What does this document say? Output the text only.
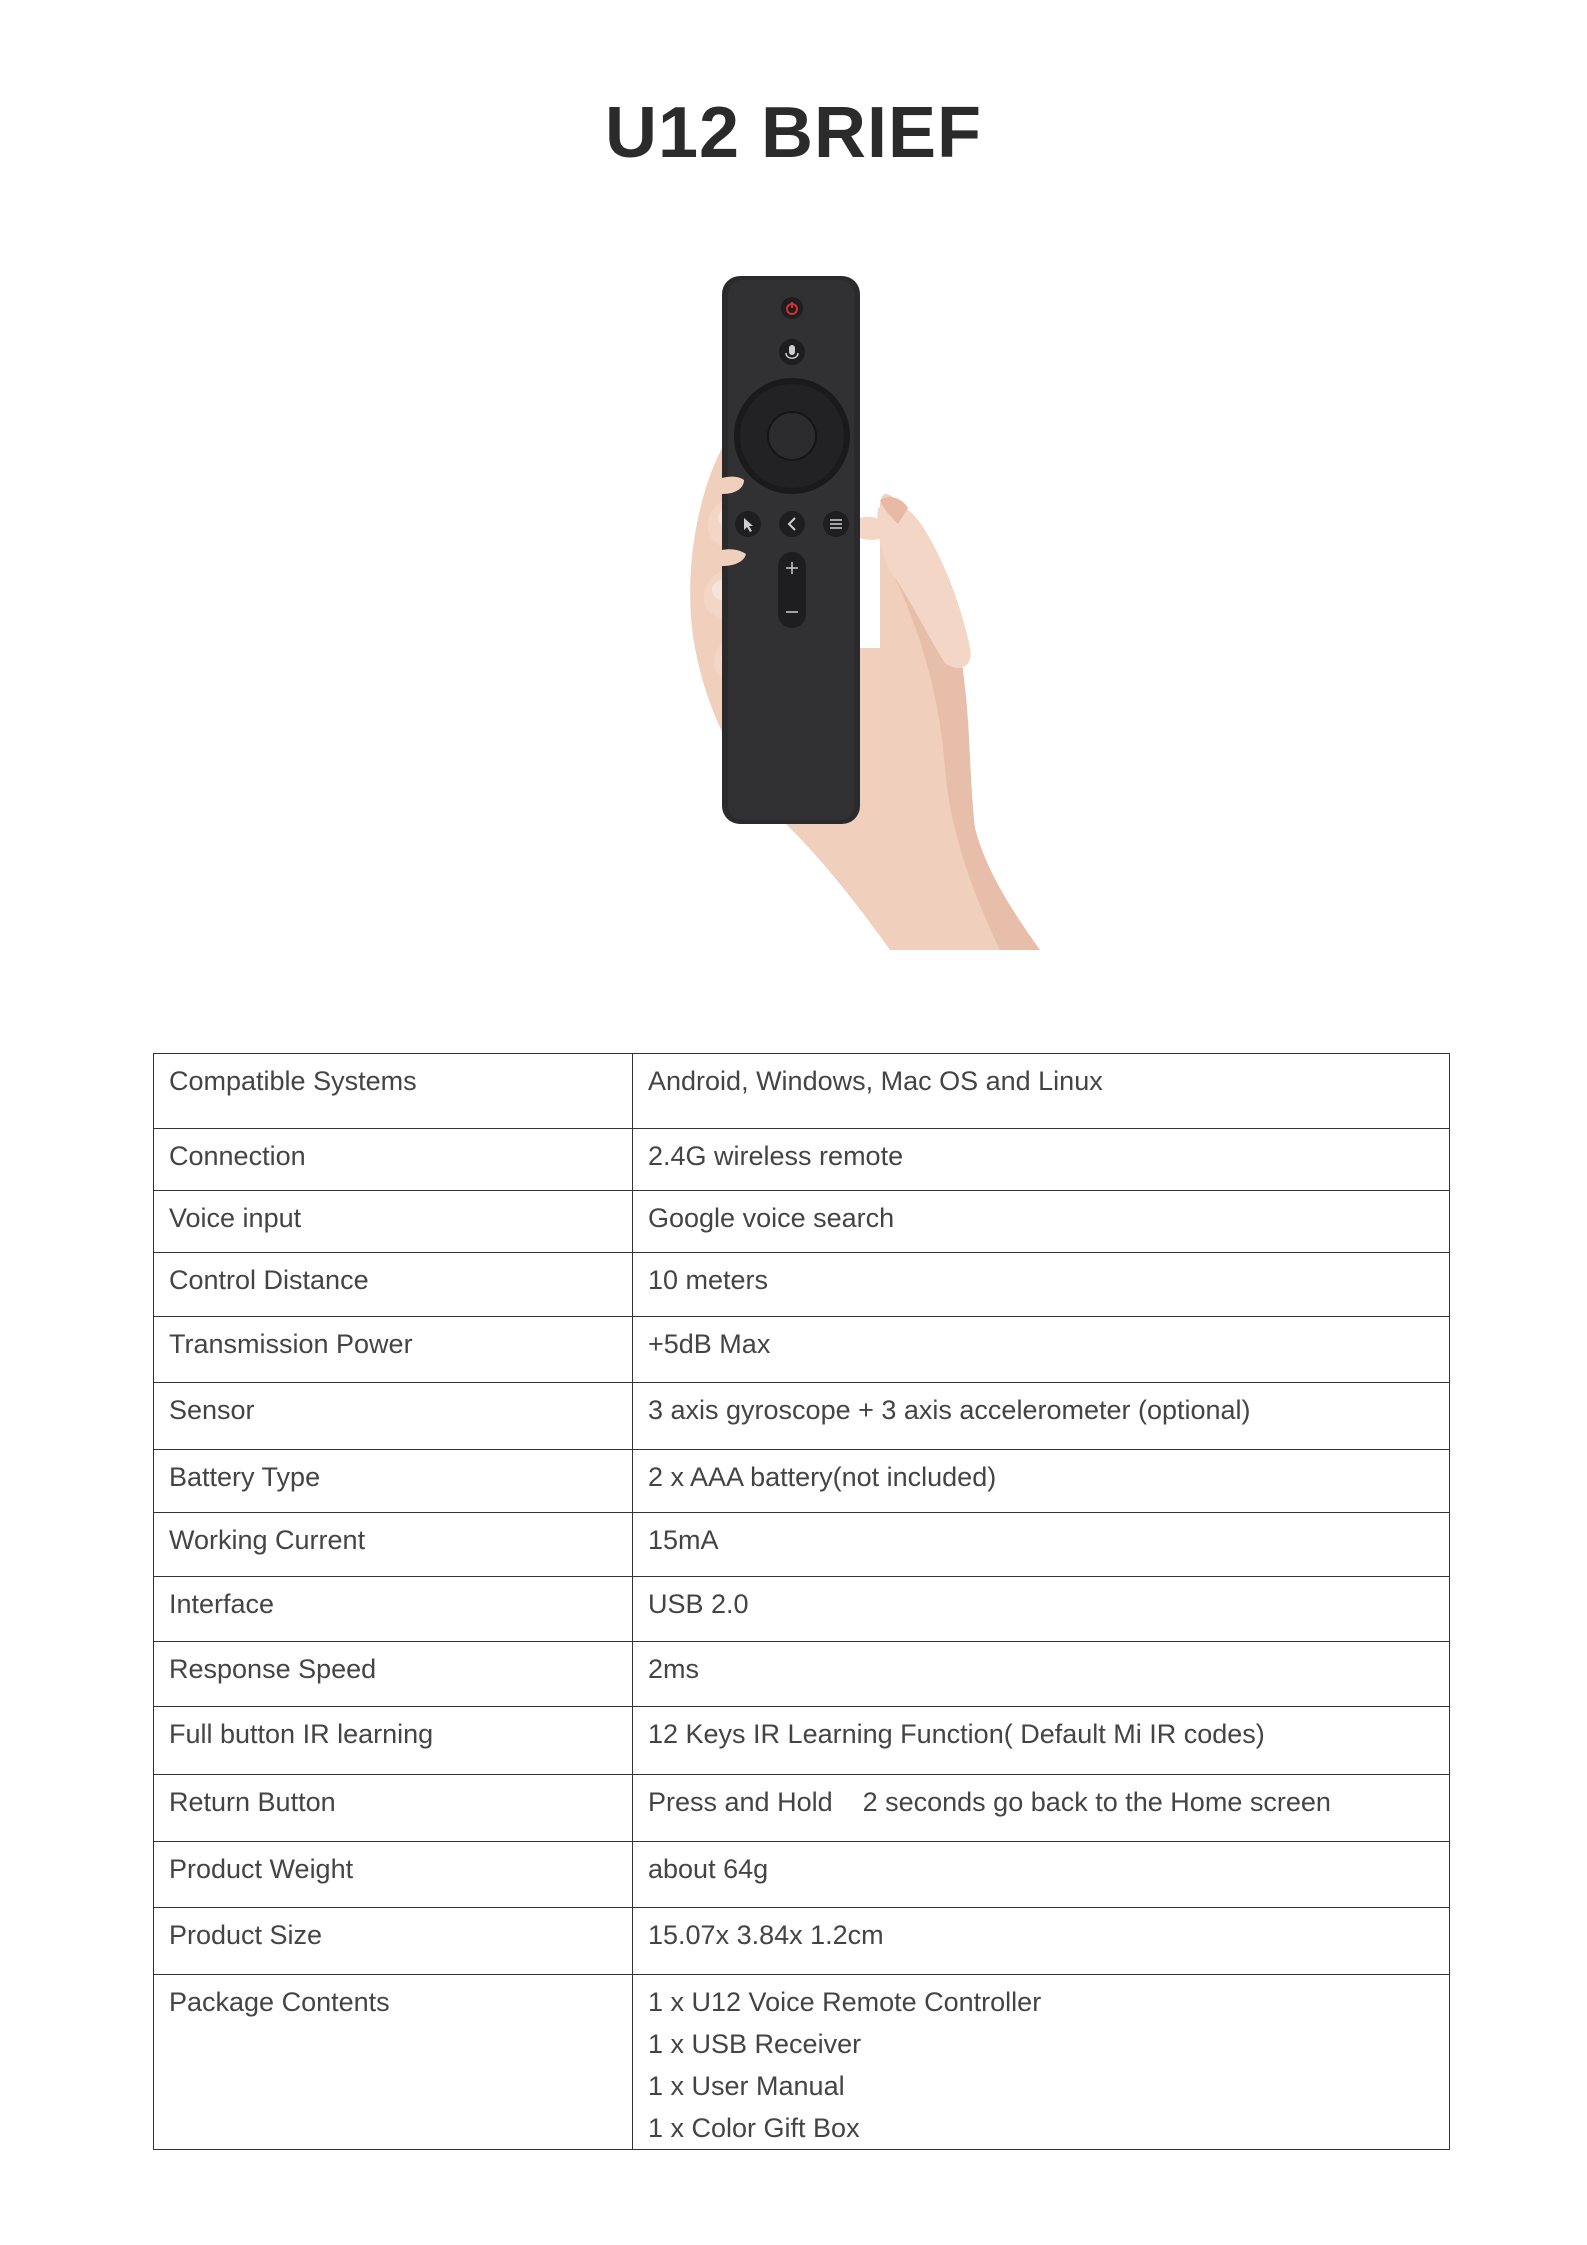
U12 BRIEF
Compatible Systems	Android, Windows, Mac OS and Linux

Connection	2.4G wireless remote

Voice input	Google voice search

Control Distance	10 meters

Transmission Power	+5dB Max

Sensor	3 axis gyroscope + 3 axis accelerometer (optional)

Battery Type	2 x AAA battery(not included)

Working Current	15mA

Interface	USB 2.0

Response Speed	2ms

Full button IR learning	12 Keys IR Learning Function( Default Mi IR codes)

Return Button	Press and Hold    2 seconds go back to the Home screen

Product Weight	about 64g

Product Size	15.07x 3.84x 1.2cm

Package Contents	1 x U12 Voice Remote Controller
1 x USB Receiver
1 x User Manual
1 x Color Gift Box
